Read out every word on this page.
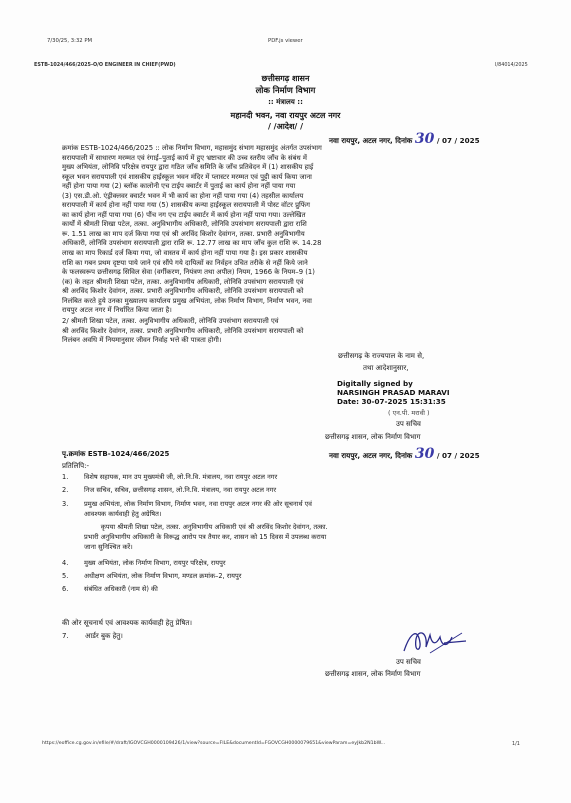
7/30/25, 3:32 PM	PDF.js viewer
ESTB-1024/466/2025-O/O ENGINEER IN CHIEF(PWD)	I/84014/2025
छत्तीसगढ़ शासन
लोक निर्माण विभाग
:: मंत्रालय ::
महानदी भवन, नवा रायपुर अटल नगर
/ /आदेश/ /
नवा रायपुर, अटल नगर, दिनांक 30 / 07 / 2025
क्रमांक ESTB-1024/466/2025 :: लोक निर्माण विभाग, महासमुंद संभाग महासमुंद अंतर्गत उपसंभाग
सरायपाली में साधारण मरम्मत एवं रंगाई–पुताई कार्य में हुए भ्रष्टाचार की उच्च स्तरीय जाँच के संबंध में
मुख्य अभियंता, लोनिवि परिक्षेत्र रायपुर द्वारा गठित जाँच समिति के जाँच प्रतिवेदन में (1) शासकीय हाई
स्कूल भवन सरायपाली एवं शासकीय हाईस्कूल भवन मंदिर में प्लास्टर मरम्मत एवं पुट्टी कार्य किया जाना
नहीं होना पाया गया (2) ब्लॉक कालोनी एच टाईप क्वार्टर में पुताई का कार्य होना नहीं पाया गया
(3) एस.डी.ओ. एंड्रीक्लवर क्वार्टर भवन में भी कार्य का होना नहीं पाया गया (4) तहसील कार्यालय
सरायपाली में कार्य होना नहीं पाया गया (5) शासकीय कन्या हाईस्कूल सरायपाली में पोस्ट वॉटर प्रुफिंग
का कार्य होना नहीं पाया गया (6) पौंच नग एच टाईप क्वार्टर में कार्य होना नहीं पाया गया। उल्लेखित
कार्यों में श्रीमती शिखा पटेल, तत्का. अनुविभागीय अधिकारी, लोनिवि उपसंभाग सरायपाली द्वारा राशि
रू. 1.51 लाख का माप दर्ज किया गया एवं श्री अरविंद किशोर देवांगन, तत्का. प्रभारी अनुविभागीय
अधिकारी, लोनिवि उपसंभाग सरायपाली द्वारा राशि रू. 12.77 लाख का माप जाँच कुल राशि रू. 14.28
लाख का माप रिकार्ड दर्ज किया गया, जो वास्तव में कार्य होना नहीं पाया गया है। इस प्रकार शासकीय
राशि का गबन प्रथम दृष्टया पाये जाने एवं सौंपे गये दायित्वों का निर्वहन उचित तरीके से नहीं किये जाने
के फलस्वरूप छत्तीसगढ़ सिविल सेवा (वर्गीकरण, नियंत्रण तथा अपील) नियम, 1966 के नियम–9 (1)
(क) के तहत श्रीमती शिखा पटेल, तत्का. अनुविभागीय अधिकारी, लोनिवि उपसंभाग सरायपाली एवं
श्री अरविंद किशोर देवांगन, तत्का. प्रभारी अनुविभागीय अधिकारी, लोनिवि उपसंभाग सरायपाली को
निलंबित करते हुये उनका मुख्यालय कार्यालय प्रमुख अभियंता, लोक निर्माण विभाग, निर्माण भवन, नवा
रायपुर अटल नगर में निर्धारित किया जाता है।
2/ श्रीमती शिखा पटेल, तत्का. अनुविभागीय अधिकारी, लोनिवि उपसंभाग सरायपाली एवं
श्री अरविंद किशोर देवांगन, तत्का. प्रभारी अनुविभागीय अधिकारी, लोनिवि उपसंभाग सरायपाली को
निलंबन अवधि में नियमानुसार जीवन निर्वाह भत्ते की पात्रता होगी।
छत्तीसगढ़ के राज्यपाल के नाम से,
तथा आदेशानुसार,
Digitally signed by
NARSINGH PRASAD MARAVI
Date: 30-07-2025 15:31:35
( एन.पी. मरावी )
उप सचिव
छत्तीसगढ़ शासन, लोक निर्माण विभाग
पृ.क्रमांक ESTB-1024/466/2025	नवा रायपुर, अटल नगर, दिनांक 30 / 07 / 2025
प्रतिलिपि:-
1. विशेष सहायक, मान उप मुख्यमंत्री जी, लो.नि.वि. मंत्रालय, नवा रायपुर अटल नगर
2. निज सचिव, सचिव, छत्तीसगढ़ शासन, लो.नि.वि. मंत्रालय, नवा रायपुर अटल नगर
3. प्रमुख अभियंता, लोक निर्माण विभाग, निर्माण भवन, नवा रायपुर अटल नगर की ओर सूचनार्थ एवं
आवश्यक कार्यवाही हेतु अग्रेषित।
कृपया श्रीमती शिखा पटेल, तत्का. अनुविभागीय अधिकारी एवं श्री अरविंद किशोर देवांगन, तत्का.
प्रभारी अनुविभागीय अधिकारी के विरूद्ध आरोप पत्र तैयार कर, शासन को 15 दिवस में उपलब्ध कराया
जाना सुनिश्चित करें।
4. मुख्य अभियंता, लोक निर्माण विभाग, रायपुर परिक्षेत्र, रायपुर
5. अधीक्षण अभियंता, लोक निर्माण विभाग, मण्डल क्रमांक–2, रायपुर
6. संबंधित अधिकारी (नाम से) की
की ओर सूचनार्थ एवं आवश्यक कार्यवाही हेतु प्रेषित।
7. आर्डर बुक हेतु।
उप सचिव
छत्तीसगढ़ शासन, लोक निर्माण विभाग
https://eoffice.cg.gov.in/efile/#/draft/IGOVCGH0000109426/1/view?source=FILE&documentId=FGOVCGH0000079651&viewParam=eyJkb2N1bW...	1/1
